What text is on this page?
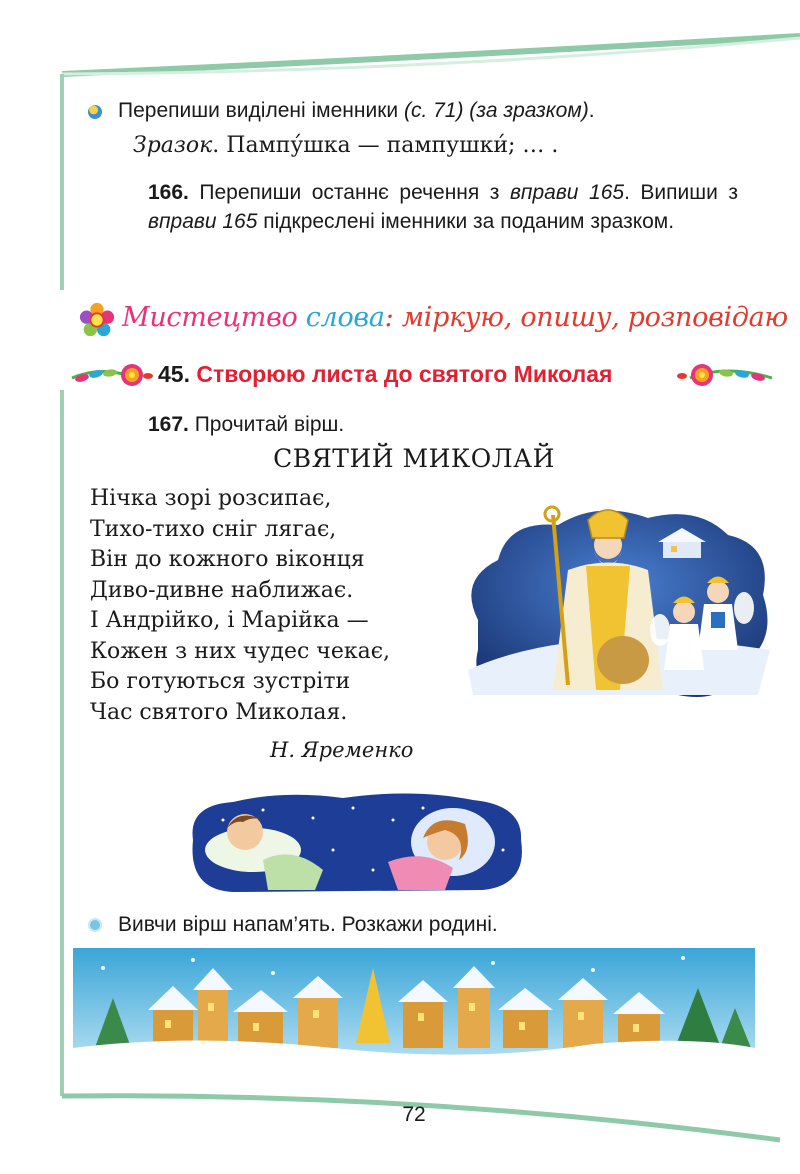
Перепиши виділені іменники (с. 71) (за зразком).
Зразок. Пампу́шка — пампушки́; … .
166. Перепиши останнє речення з вправи 165. Випиши з вправи 165 підкреслені іменники за поданим зразком.
Мистецтво слова: міркую, опишу, розповідаю
45. Створюю листа до святого Миколая
167. Прочитай вірш.
СВЯТИЙ МИКОЛАЙ
Нічка зорі розсипає,
Тихо-тихо сніг лягає,
Він до кожного віконця
Диво-дивне наближає.
І Андрійко, і Марійка —
Кожен з них чудес чекає,
Бо готуються зустріти
Час святого Миколая.
Н. Яременко
Вивчи вірш напам’ять. Розкажи родині.
72
